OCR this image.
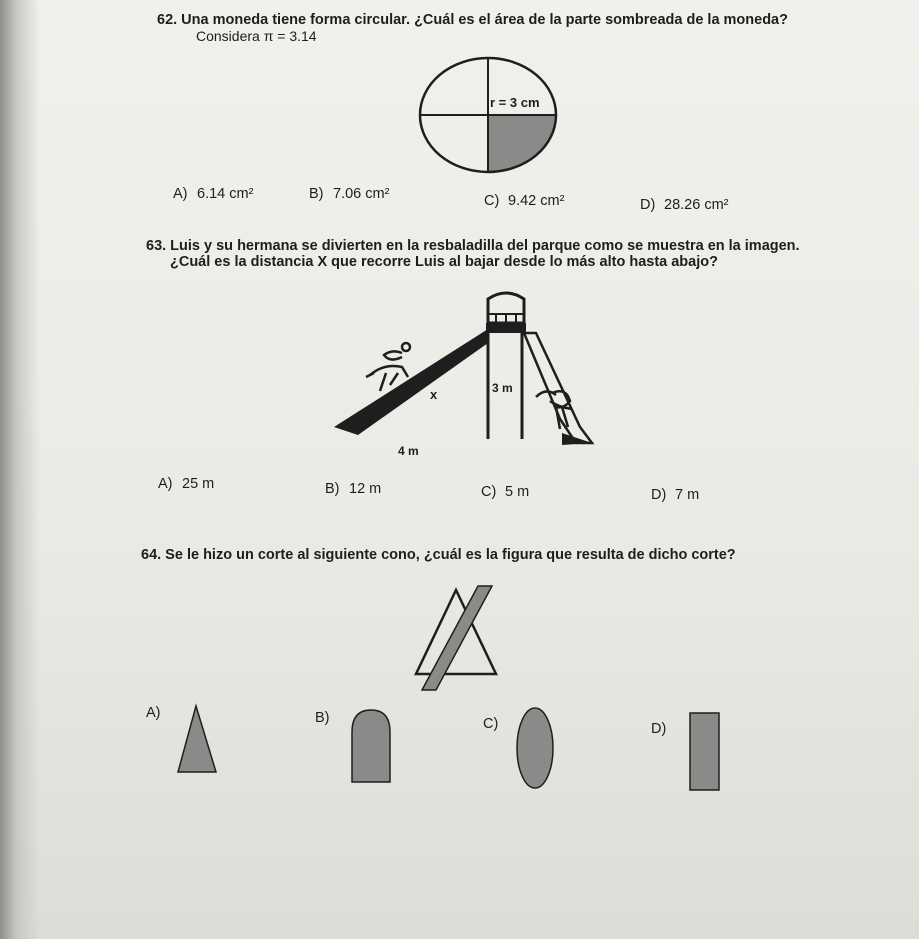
62. Una moneda tiene forma circular. ¿Cuál es el área de la parte sombreada de la moneda?
Considera π = 3.14
r = 3 cm
A) 6.14 cm²	B) 7.06 cm²	C) 9.42 cm²	D) 28.26 cm²
63. Luis y su hermana se divierten en la resbaladilla del parque como se muestra en la imagen.
¿Cuál es la distancia X que recorre Luis al bajar desde lo más alto hasta abajo?
x	3 m
4 m
A) 25 m	B) 12 m	C) 5 m	D) 7 m
64. Se le hizo un corte al siguiente cono, ¿cuál es la figura que resulta de dicho corte?
A)	B)	C)	D)
